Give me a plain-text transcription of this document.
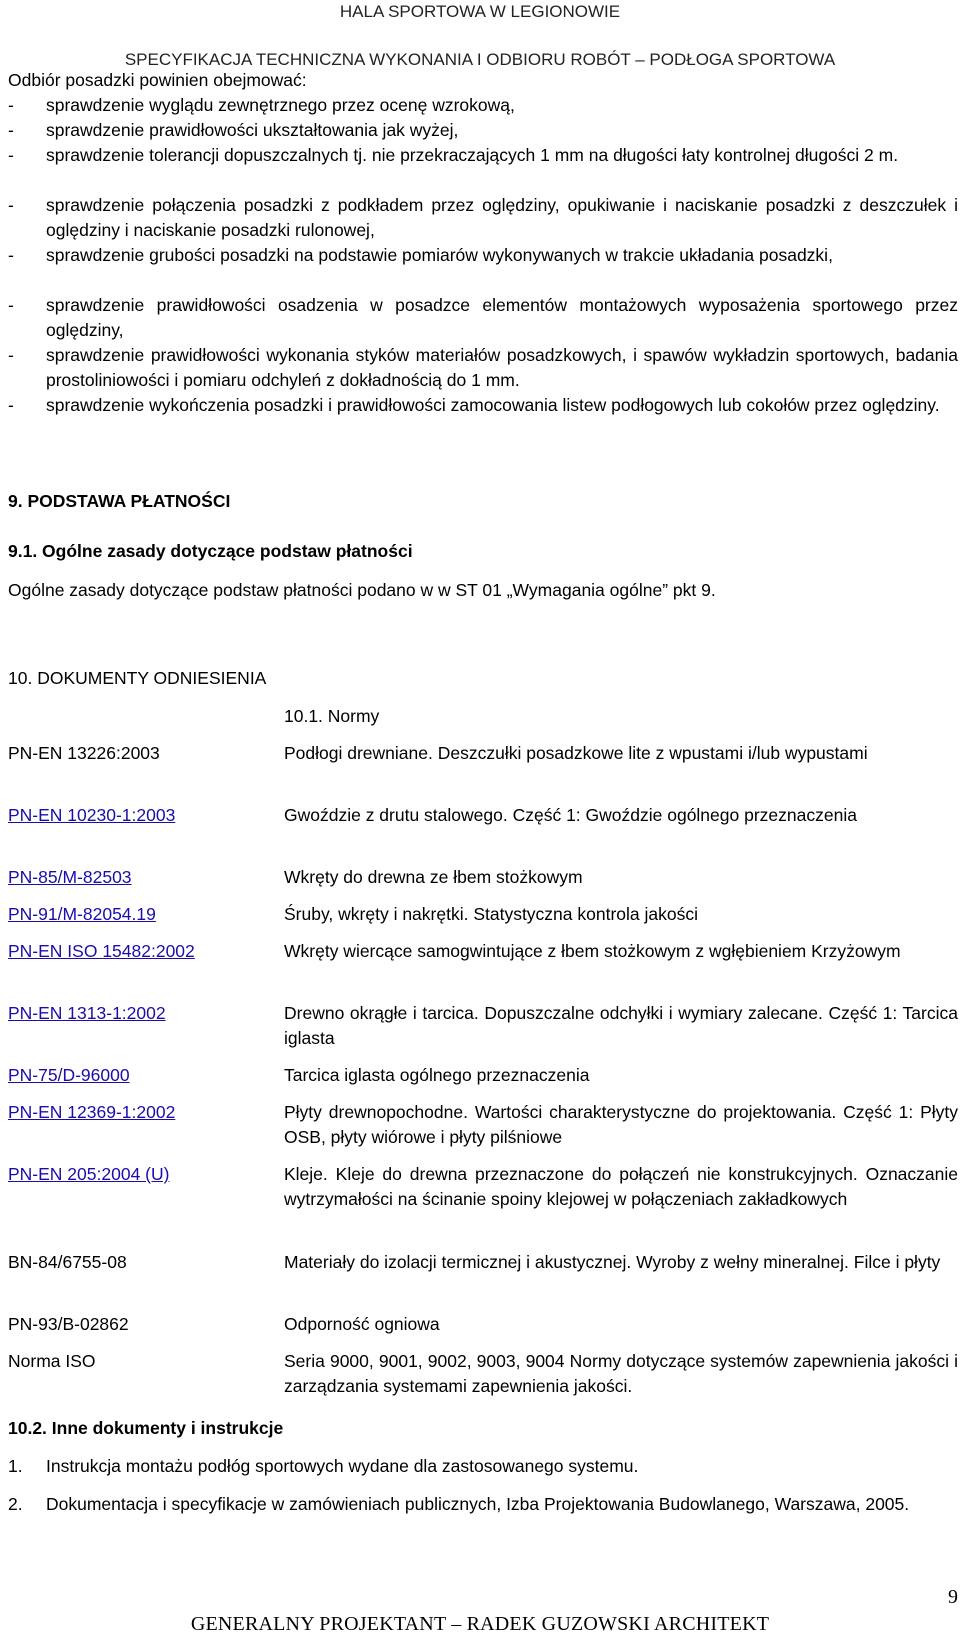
HALA SPORTOWA W LEGIONOWIE
SPECYFIKACJA TECHNICZNA WYKONANIA I ODBIORU ROBÓT – PODŁOGA SPORTOWA
Odbiór posadzki powinien obejmować:
- sprawdzenie wyglądu zewnętrznego przez ocenę wzrokową,
- sprawdzenie prawidłowości ukształtowania jak wyżej,
- sprawdzenie tolerancji dopuszczalnych tj. nie przekraczających 1 mm na długości łaty kontrolnej długości 2 m.
- sprawdzenie połączenia posadzki z podkładem przez oględziny, opukiwanie i naciskanie posadzki z deszczułek i oględziny i naciskanie posadzki rulonowej,
- sprawdzenie grubości posadzki na podstawie pomiarów wykonywanych w trakcie układania posadzki,
- sprawdzenie prawidłowości osadzenia w posadzce elementów montażowych wyposażenia sportowego przez oględziny,
- sprawdzenie prawidłowości wykonania styków materiałów posadzkowych, i spawów wykładzin sportowych, badania prostoliniowości i pomiaru odchyleń z dokładnością do 1 mm.
- sprawdzenie wykończenia posadzki i prawidłowości zamocowania listew podłogowych lub cokołów przez oględziny.
9. PODSTAWA PŁATNOŚCI
9.1. Ogólne zasady dotyczące podstaw płatności
Ogólne zasady dotyczące podstaw płatności podano w w ST 01 „Wymagania ogólne” pkt 9.
10. DOKUMENTY ODNIESIENIA
10.1. Normy
PN-EN 13226:2003	Podłogi drewniane. Deszczułki posadzkowe lite z wpustami i/lub wypustami
PN-EN 10230-1:2003	Gwoździe z drutu stalowego. Część 1: Gwoździe ogólnego przeznaczenia
PN-85/M-82503	Wkręty do drewna ze łbem stożkowym
PN-91/M-82054.19	Śruby, wkręty i nakrętki. Statystyczna kontrola jakości
PN-EN ISO 15482:2002	Wkręty wiercące samogwintujące z łbem stożkowym z wgłębieniem Krzyżowym
PN-EN 1313-1:2002	Drewno okrągłe i tarcica. Dopuszczalne odchyłki i wymiary zalecane. Część 1: Tarcica iglasta
PN-75/D-96000	Tarcica iglasta ogólnego przeznaczenia
PN-EN 12369-1:2002	Płyty drewnopochodne. Wartości charakterystyczne do projektowania. Część 1: Płyty OSB, płyty wiórowe i płyty pilśniowe
PN-EN 205:2004 (U)	Kleje. Kleje do drewna przeznaczone do połączeń nie konstrukcyjnych. Oznaczanie wytrzymałości na ścinanie spoiny klejowej w połączeniach zakładkowych
BN-84/6755-08	Materiały do izolacji termicznej i akustycznej. Wyroby z wełny mineralnej. Filce i płyty
PN-93/B-02862	Odporność ogniowa
Norma ISO	Seria 9000, 9001, 9002, 9003, 9004 Normy dotyczące systemów zapewnienia jakości i zarządzania systemami zapewnienia jakości.
10.2. Inne dokumenty i instrukcje
1. Instrukcja montażu podłóg sportowych wydane dla zastosowanego systemu.
2. Dokumentacja i specyfikacje w zamówieniach publicznych, Izba Projektowania Budowlanego, Warszawa, 2005.
9
GENERALNY PROJEKTANT – RADEK GUZOWSKI ARCHITEKT
